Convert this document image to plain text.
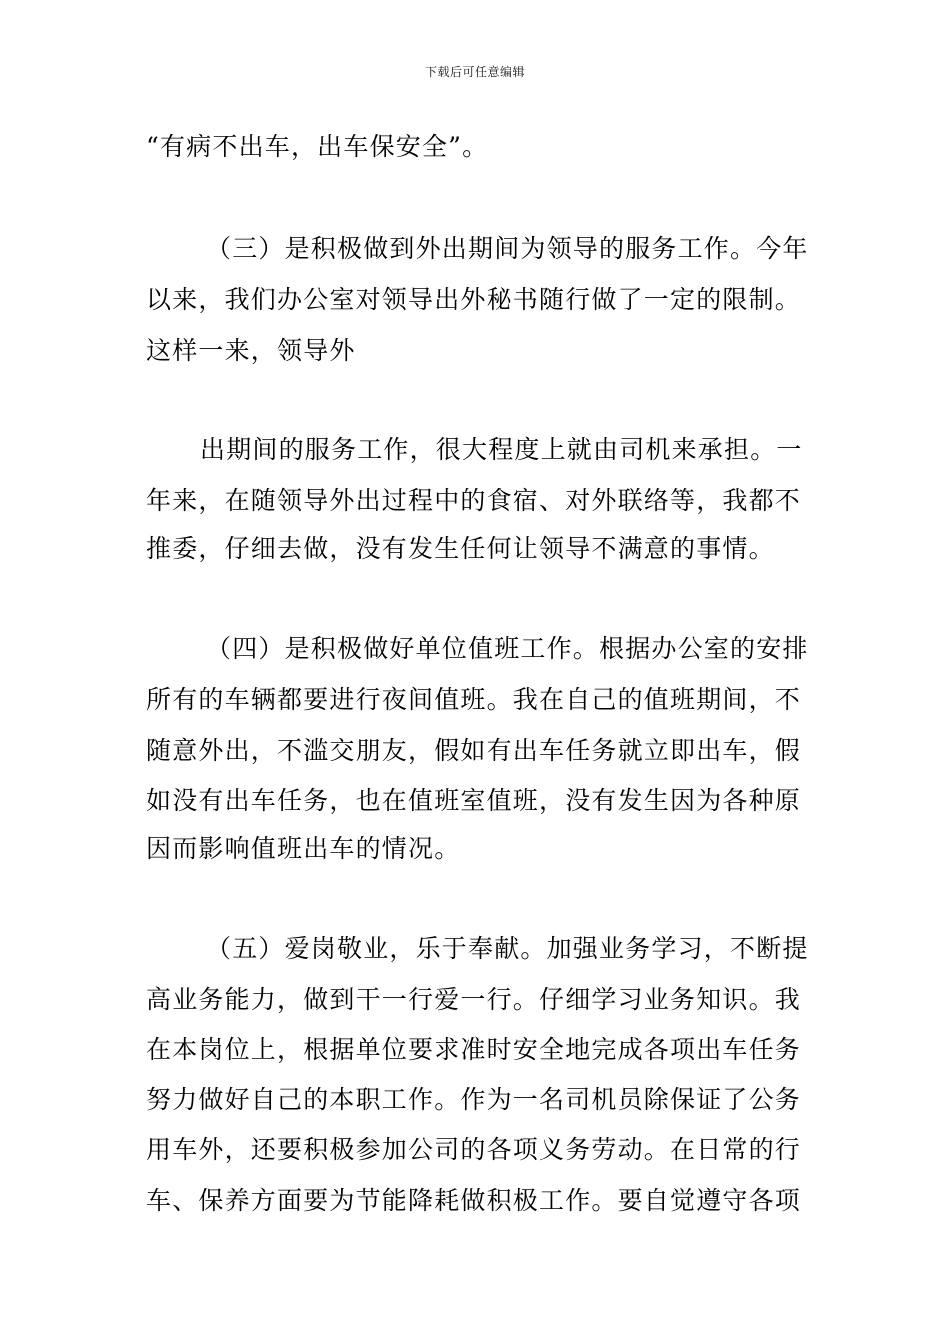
下载后可任意编辑
“有病不出车，出车保安全”。
（三）是积极做到外出期间为领导的服务工作。今年
以来，我们办公室对领导出外秘书随行做了一定的限制。
这样一来，领导外
出期间的服务工作，很大程度上就由司机来承担。一
年来，在随领导外出过程中的食宿、对外联络等，我都不
推委，仔细去做，没有发生任何让领导不满意的事情。
（四）是积极做好单位值班工作。根据办公室的安排
所有的车辆都要进行夜间值班。我在自己的值班期间，不
随意外出，不滥交朋友，假如有出车任务就立即出车，假
如没有出车任务，也在值班室值班，没有发生因为各种原
因而影响值班出车的情况。
（五）爱岗敬业，乐于奉献。加强业务学习，不断提
高业务能力，做到干一行爱一行。仔细学习业务知识。我
在本岗位上，根据单位要求准时安全地完成各项出车任务
努力做好自己的本职工作。作为一名司机员除保证了公务
用车外，还要积极参加公司的各项义务劳动。在日常的行
车、保养方面要为节能降耗做积极工作。要自觉遵守各项
